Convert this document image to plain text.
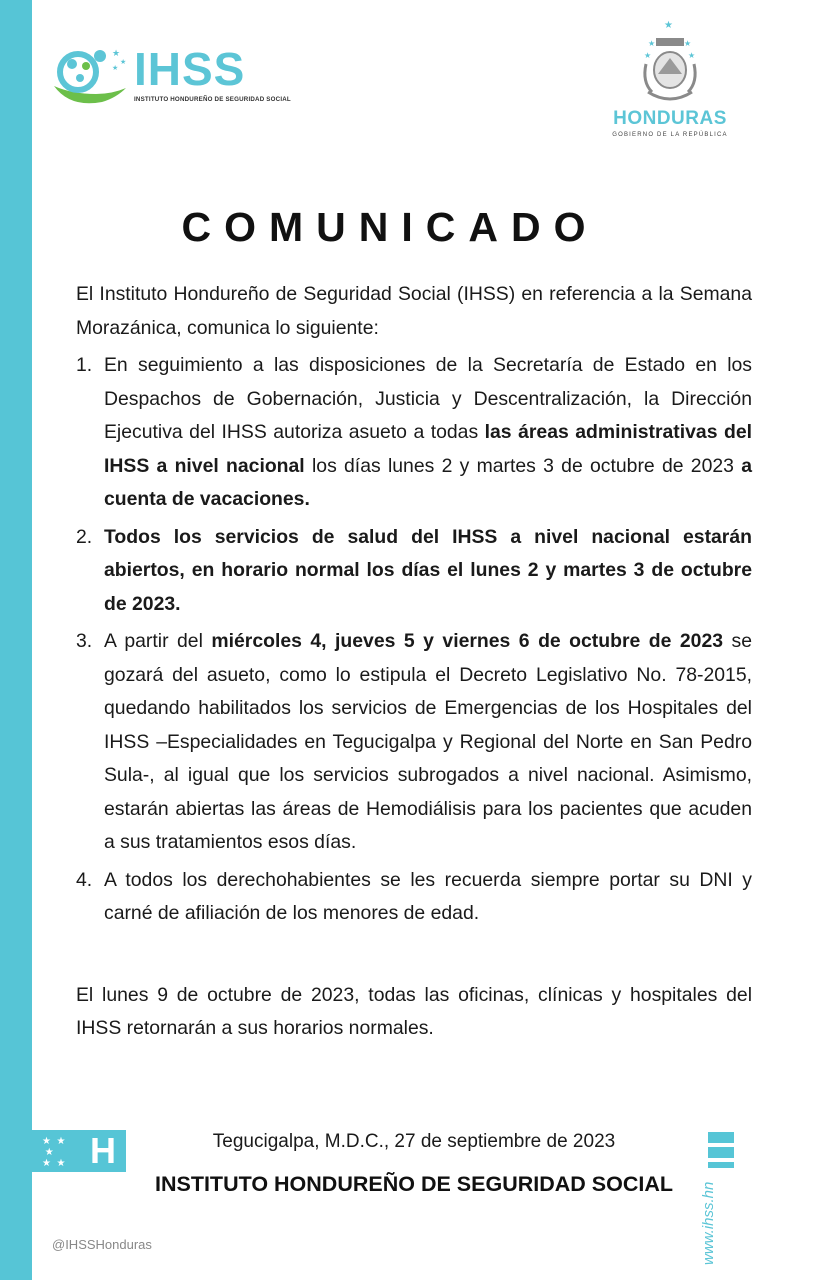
★
★
★ IHSS
INSTITUTO HONDUREÑO DE SEGURIDAD SOCIAL
★
★	★
★	★
HONDURAS
GOBIERNO DE LA REPÚBLICA
COMUNICADO

El Instituto Hondureño de Seguridad Social (IHSS) en referencia a la Semana Morazánica, comunica lo siguiente:

1. En seguimiento a las disposiciones de la Secretaría de Estado en los Despachos de Gobernación, Justicia y Descentralización, la Dirección Ejecutiva del IHSS autoriza asueto a todas las áreas administrativas del IHSS a nivel nacional los días lunes 2 y martes 3 de octubre de 2023 a cuenta de vacaciones.
2. Todos los servicios de salud del IHSS a nivel nacional estarán abiertos, en horario normal los días el lunes 2 y martes 3 de octubre de 2023.
3. A partir del miércoles 4, jueves 5 y viernes 6 de octubre de 2023 se gozará del asueto, como lo estipula el Decreto Legislativo No. 78-2015, quedando habilitados los servicios de Emergencias de los Hospitales del IHSS –Especialidades en Tegucigalpa y Regional del Norte en San Pedro Sula-, al igual que los servicios subrogados a nivel nacional. Asimismo, estarán abiertas las áreas de Hemodiálisis para los pacientes que acuden a sus tratamientos esos días.
4. A todos los derechohabientes se les recuerda siempre portar su DNI y carné de afiliación de los menores de edad.

El lunes 9 de octubre de 2023, todas las oficinas, clínicas y hospitales del IHSS retornarán a sus horarios normales.

★  ★
★
★  ★ H	Tegucigalpa, M.D.C., 27 de septiembre de 2023
INSTITUTO HONDUREÑO DE SEGURIDAD SOCIAL
@IHSSHonduras	www.ihss.hn
